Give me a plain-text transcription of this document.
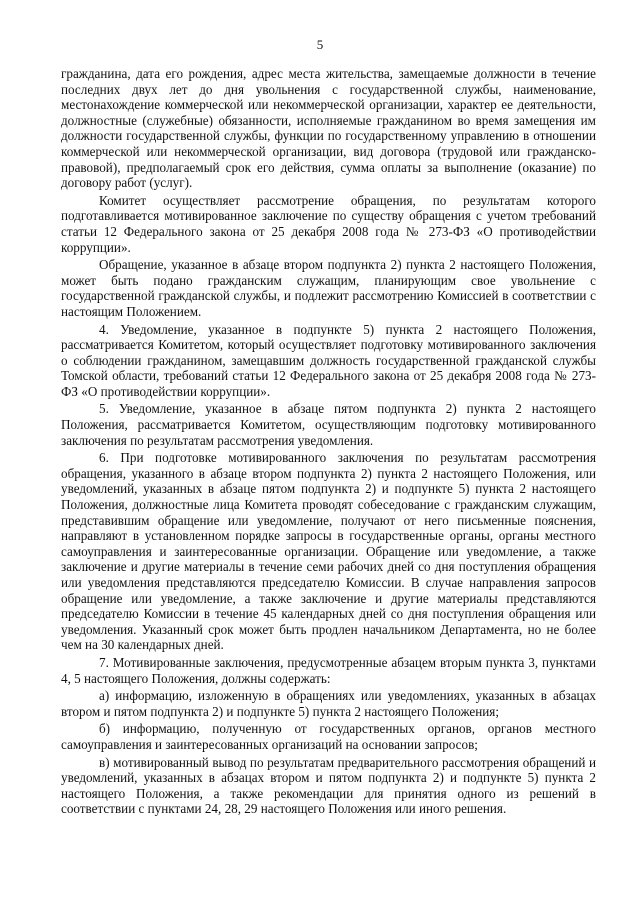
5

гражданина, дата его рождения, адрес места жительства, замещаемые должности в течение последних двух лет до дня увольнения с государственной службы, наименование, местонахождение коммерческой или некоммерческой организации, характер ее деятельности, должностные (служебные) обязанности, исполняемые гражданином во время замещения им должности государственной службы, функции по государственному управлению в отношении коммерческой или некоммерческой организации, вид договора (трудовой или гражданско-правовой), предполагаемый срок его действия, сумма оплаты за выполнение (оказание) по договору работ (услуг).

Комитет осуществляет рассмотрение обращения, по результатам которого подготавливается мотивированное заключение по существу обращения с учетом требований статьи 12 Федерального закона от 25 декабря 2008 года № 273-ФЗ «О противодействии коррупции».

Обращение, указанное в абзаце втором подпункта 2) пункта 2 настоящего Положения, может быть подано гражданским служащим, планирующим свое увольнение с государственной гражданской службы, и подлежит рассмотрению Комиссией в соответствии с настоящим Положением.

4. Уведомление, указанное в подпункте 5) пункта 2 настоящего Положения, рассматривается Комитетом, который осуществляет подготовку мотивированного заключения о соблюдении гражданином, замещавшим должность государственной гражданской службы Томской области, требований статьи 12 Федерального закона от 25 декабря 2008 года № 273-ФЗ «О противодействии коррупции».

5. Уведомление, указанное в абзаце пятом подпункта 2) пункта 2 настоящего Положения, рассматривается Комитетом, осуществляющим подготовку мотивированного заключения по результатам рассмотрения уведомления.

6. При подготовке мотивированного заключения по результатам рассмотрения обращения, указанного в абзаце втором подпункта 2) пункта 2 настоящего Положения, или уведомлений, указанных в абзаце пятом подпункта 2) и подпункте 5) пункта 2 настоящего Положения, должностные лица Комитета проводят собеседование с гражданским служащим, представившим обращение или уведомление, получают от него письменные пояснения, направляют в установленном порядке запросы в государственные органы, органы местного самоуправления и заинтересованные организации. Обращение или уведомление, а также заключение и другие материалы в течение семи рабочих дней со дня поступления обращения или уведомления представляются председателю Комиссии. В случае направления запросов обращение или уведомление, а также заключение и другие материалы представляются председателю Комиссии в течение 45 календарных дней со дня поступления обращения или уведомления. Указанный срок может быть продлен начальником Департамента, но не более чем на 30 календарных дней.

7. Мотивированные заключения, предусмотренные абзацем вторым пункта 3, пунктами 4, 5 настоящего Положения, должны содержать:

а) информацию, изложенную в обращениях или уведомлениях, указанных в абзацах втором и пятом подпункта 2) и подпункте 5) пункта 2 настоящего Положения;

б) информацию, полученную от государственных органов, органов местного самоуправления и заинтересованных организаций на основании запросов;

в) мотивированный вывод по результатам предварительного рассмотрения обращений и уведомлений, указанных в абзацах втором и пятом подпункта 2) и подпункте 5) пункта 2 настоящего Положения, а также рекомендации для принятия одного из решений в соответствии с пунктами 24, 28, 29 настоящего Положения или иного решения.
